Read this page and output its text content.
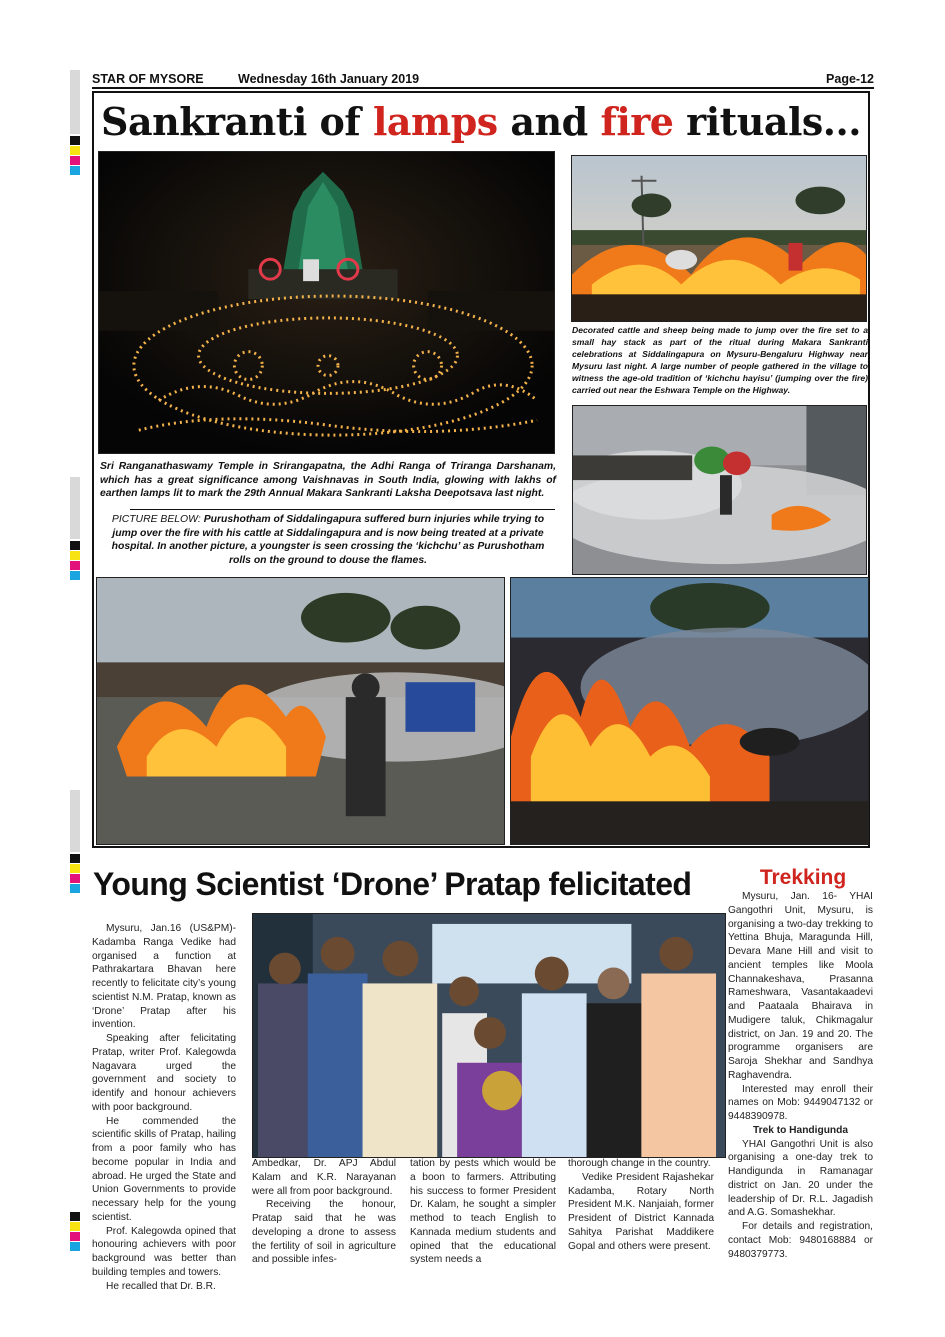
STAR OF MYSORE	Wednesday 16th January 2019	Page-12
Sankranti of lamps and fire rituals...
Decorated cattle and sheep being made to jump over the fire set to a small hay stack as part of the ritual during Makara Sankranti celebrations at Siddalingapura on Mysuru-Bengaluru Highway near Mysuru last night. A large number of people gathered in the village to witness the age-old tradition of ‘kichchu hayisu’ (jumping over the fire) carried out near the Eshwara Temple on the Highway.
Sri Ranganathaswamy Temple in Srirangapatna, the Adhi Ranga of Triranga Darshanam, which has a great significance among Vaishnavas in South India, glowing with lakhs of earthen lamps lit to mark the 29th Annual Makara Sankranti Laksha Deepotsava last night.
PICTURE BELOW: Purushotham of Siddalingapura suffered burn injuries while trying to jump over the fire with his cattle at Siddalingapura and is now being treated at a private hospital. In another picture, a youngster is seen crossing the ‘kichchu’ as Purushotham rolls on the ground to douse the flames.
Young Scientist ‘Drone’ Pratap felicitated

Mysuru, Jan.16 (US&PM)- Kadamba Ranga Vedike had organised a function at Pathrakartara Bhavan here recently to felicitate city’s young scientist N.M. Pratap, known as ‘Drone’ Pratap after his invention.

Speaking after felicitating Pratap, writer Prof. Kalegowda Nagavara urged the government and society to identify and honour achievers with poor background.

He commended the scientific skills of Pratap, hailing from a poor family who has become popular in India and abroad. He urged the State and Union Governments to provide necessary help for the young scientist.

Prof. Kalegowda opined that honouring achievers with poor background was better than building temples and towers.

He recalled that Dr. B.R.

Ambedkar, Dr. APJ Abdul Kalam and K.R. Narayanan were all from poor background.

Receiving the honour, Pratap said that he was developing a drone to assess the fertility of soil in agriculture and possible infes-

tation by pests which would be a boon to farmers. Attributing his success to former President Dr. Kalam, he sought a simpler method to teach English to Kannada medium students and opined that the educational system needs a

thorough change in the country.

Vedike President Rajashekar Kadamba, Rotary North President M.K. Nanjaiah, former President of District Kannada Sahitya Parishat Maddikere Gopal and others were present.

Trekking

Mysuru, Jan. 16- YHAI Gangothri Unit, Mysuru, is organising a two-day trekking to Yettina Bhuja, Maragunda Hill, Devara Mane Hill and visit to ancient temples like Moola Channakeshava, Prasanna Rameshwara, Vasantakaadevi and Paataala Bhairava in Mudigere taluk, Chikmagalur district, on Jan. 19 and 20. The programme organisers are Saroja Shekhar and Sandhya Raghavendra.

Interested may enroll their names on Mob: 9449047132 or 9448390978.

Trek to Handigunda

YHAI Gangothri Unit is also organising a one-day trek to Handigunda in Ramanagar district on Jan. 20 under the leadership of Dr. R.L. Jagadish and A.G. Somashekhar.

For details and registration, contact Mob: 9480168884 or 9480379773.
